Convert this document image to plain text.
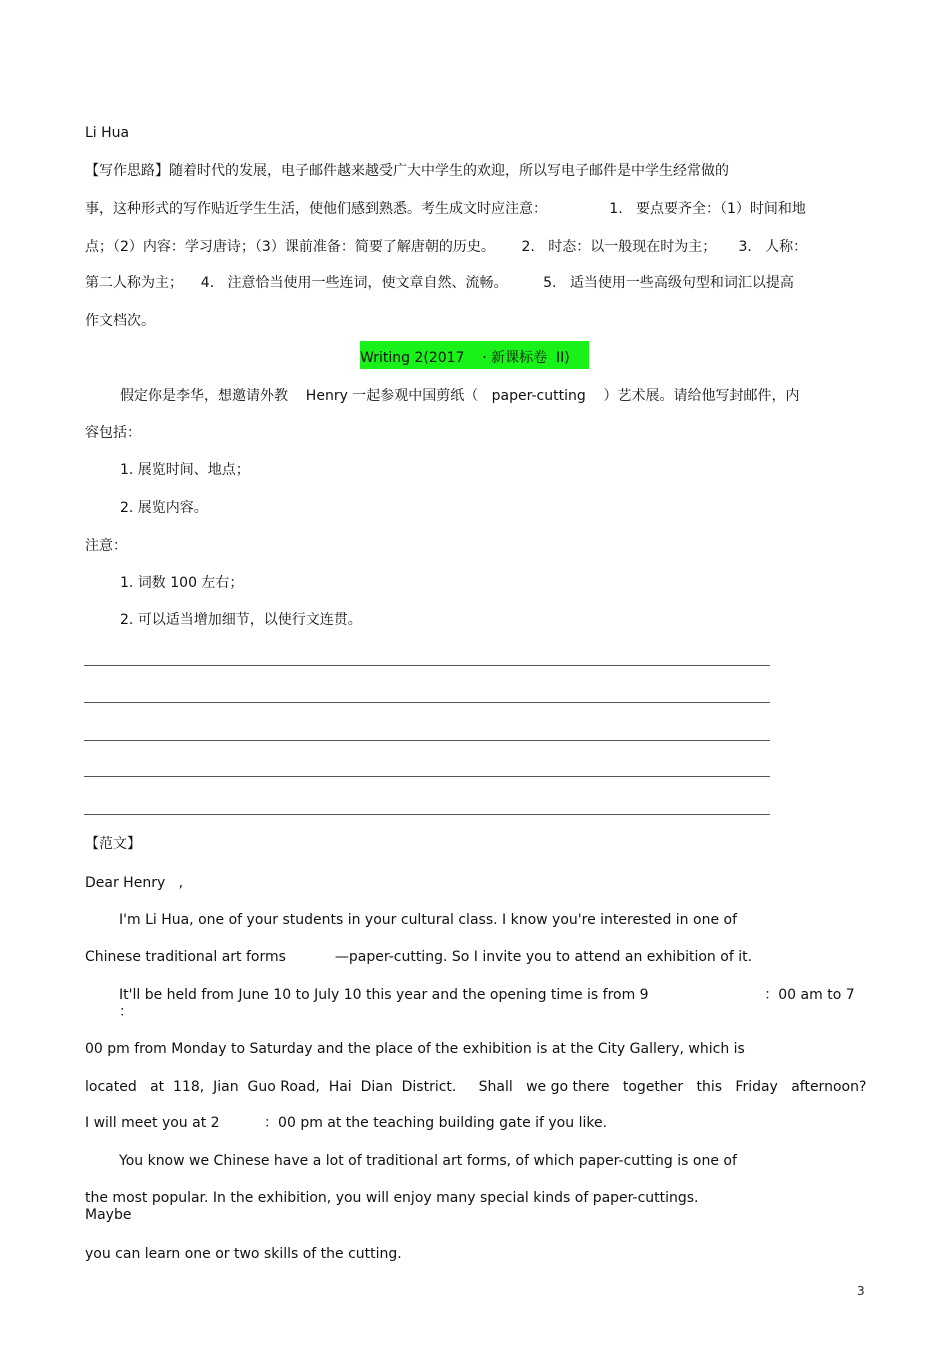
Li Hua
【写作思路】随着时代的发展，电子邮件越来越受广大中学生的欢迎，所以写电子邮件是中学生经常做的
事，这种形式的写作贴近学生生活，使他们感到熟悉。考生成文时应注意：              1.   要点要齐全：（1）时间和地
点；（2）内容：学习唐诗；（3）课前准备：简要了解唐朝的历史。      2.   时态：以一般现在时为主；     3.   人称：
第二人称为主；    4.   注意恰当使用一些连词，使文章自然、流畅。        5.   适当使用一些高级句型和词汇以提高
作文档次。
Writing 2(2017    · 新课标卷  II)
假定你是李华，想邀请外教    Henry 一起参观中国剪纸（   paper-cutting    ）艺术展。请给他写封邮件，内
容包括：
1. 展览时间、地点；
2. 展览内容。
注意：
1. 词数 100 左右；
2. 可以适当增加细节，以使行文连贯。
【范文】
Dear Henry   ,
I'm Li Hua, one of your students in your cultural class. I know you're interested in one of
Chinese traditional art forms           —paper-cutting. So I invite you to attend an exhibition of it.
It'll be held from June 10 to July 10 this year and the opening time is from 9                          ：00 am to 7
：
00 pm from Monday to Saturday and the place of the exhibition is at the City Gallery, which is
located   at  118,  Jian  Guo Road,  Hai  Dian  District.     Shall   we go there   together   this   Friday   afternoon?
I will meet you at 2          ：00 pm at the teaching building gate if you like.
You know we Chinese have a lot of traditional art forms, of which paper-cutting is one of
the most popular. In the exhibition, you will enjoy many special kinds of paper-cuttings.
Maybe
you can learn one or two skills of the cutting.
3
